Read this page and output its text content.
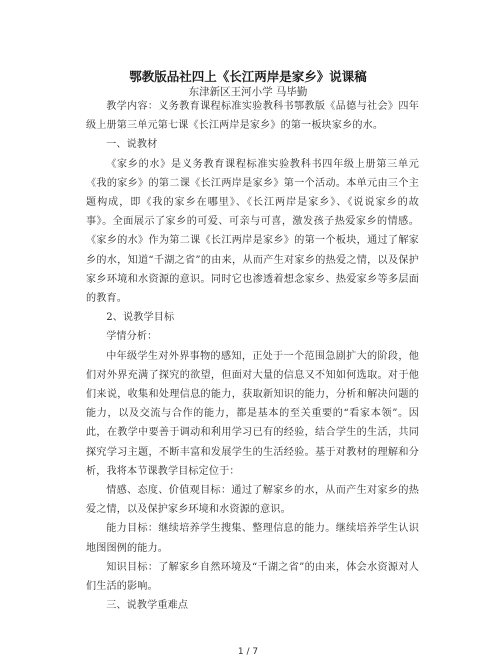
鄂教版品社四上《长江两岸是家乡》说课稿
东津新区王河小学 马毕勤

教学内容：义务教育课程标准实验教科书鄂教版《品德与社会》四年级上册第三单元第七课《长江两岸是家乡》的第一板块家乡的水。

一、说教材

《家乡的水》是义务教育课程标准实验教科书四年级上册第三单元《我的家乡》的第二课《长江两岸是家乡》第一个活动。本单元由三个主题构成，即《我的家乡在哪里》、《长江两岸是家乡》、《说说家乡的故事》。全面展示了家乡的可爱、可亲与可喜，激发孩子热爱家乡的情感。《家乡的水》作为第二课《长江两岸是家乡》的第一个板块，通过了解家乡的水，知道“千湖之省”的由来，从而产生对家乡的热爱之情，以及保护家乡环境和水资源的意识。同时它也渗透着想念家乡、热爱家乡等多层面的教育。

2、说教学目标

学情分析：

中年级学生对外界事物的感知，正处于一个范围急剧扩大的阶段，他们对外界充满了探究的欲望，但面对大量的信息又不知如何选取。对于他们来说，收集和处理信息的能力，获取新知识的能力，分析和解决问题的能力，以及交流与合作的能力，都是基本的至关重要的“看家本领”。因此，在教学中要善于调动和利用学习已有的经验，结合学生的生活，共同探究学习主题，不断丰富和发展学生的生活经验。基于对教材的理解和分析，我将本节课教学目标定位于：

情感、态度、价值观目标：通过了解家乡的水，从而产生对家乡的热爱之情，以及保护家乡环境和水资源的意识。

能力目标：继续培养学生搜集、整理信息的能力。继续培养学生认识地图图例的能力。

知识目标：了解家乡自然环境及“千湖之省”的由来，体会水资源对人们生活的影响。

三、说教学重难点

1 / 7
